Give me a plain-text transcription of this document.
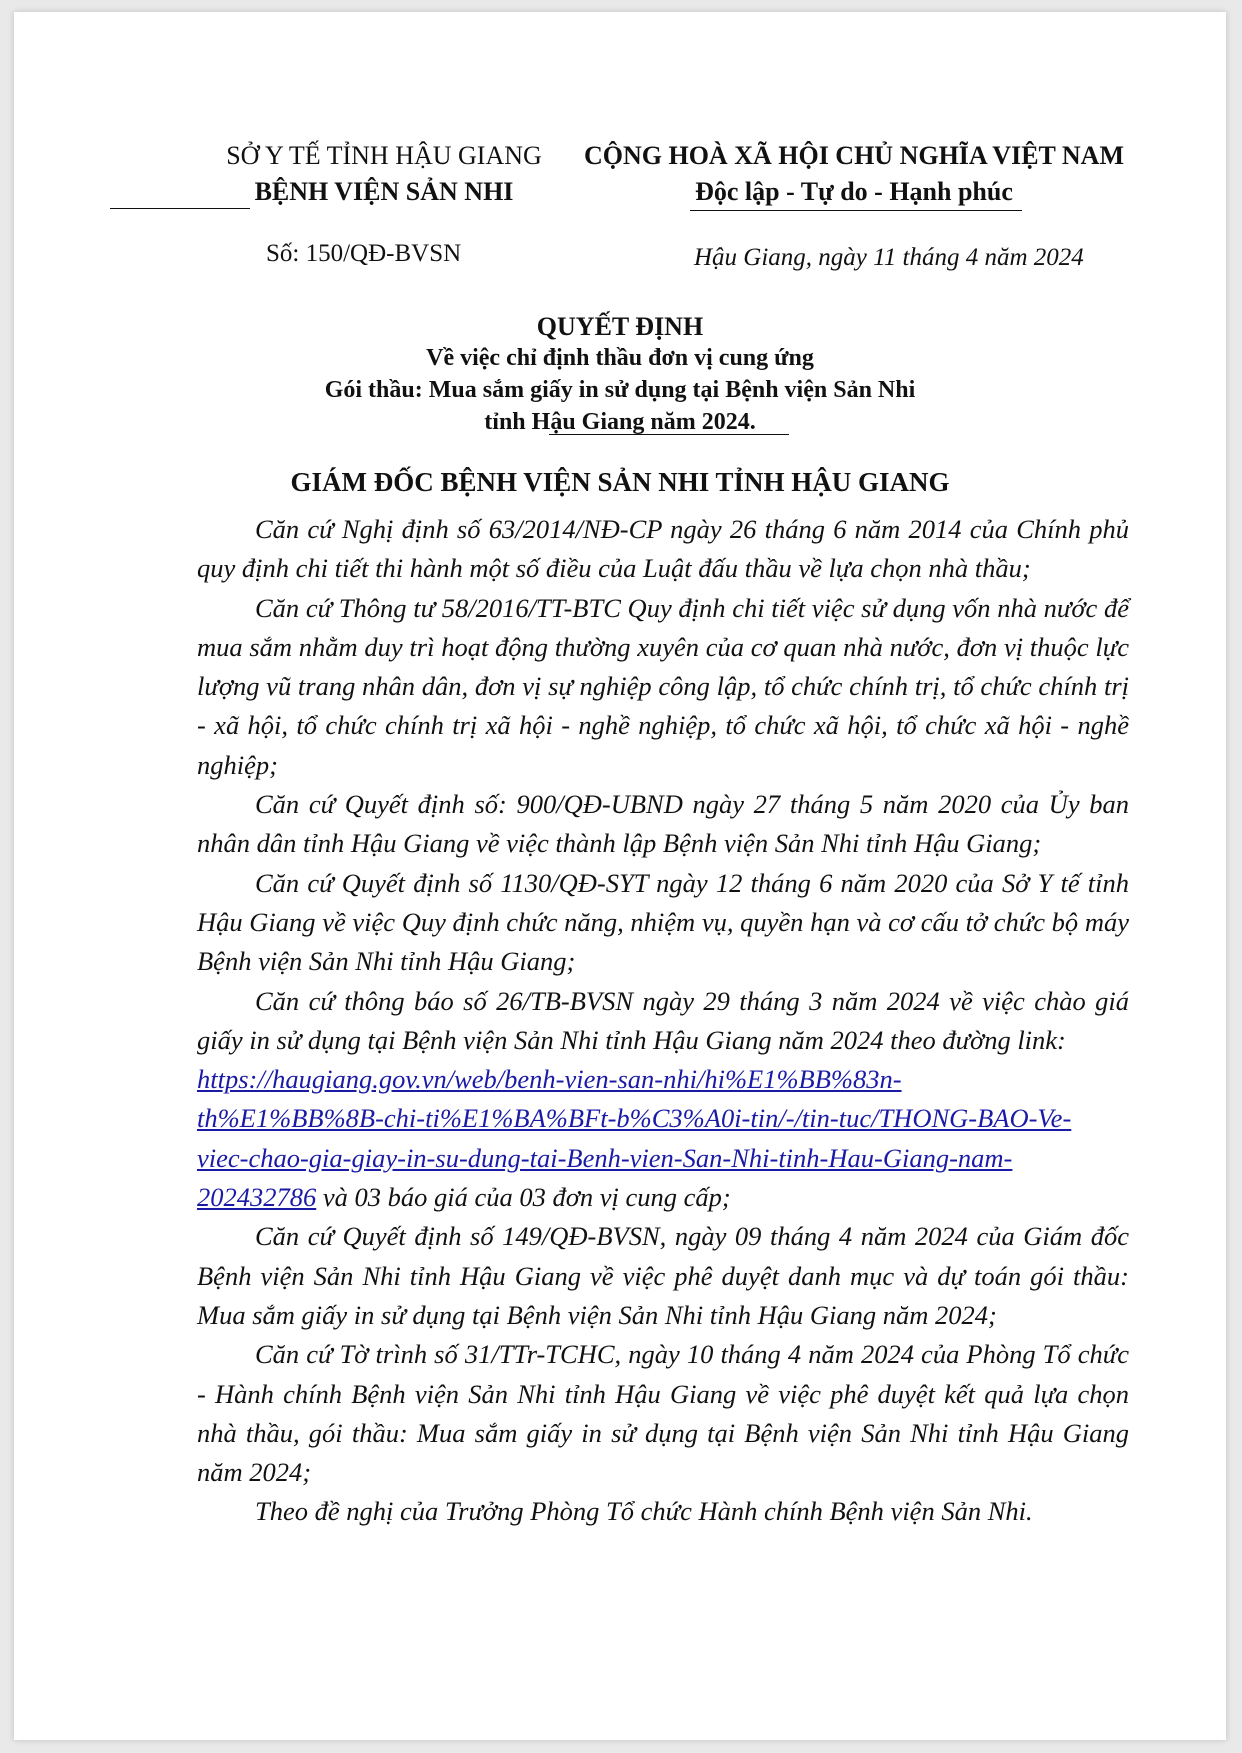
SỞ Y TẾ TỈNH HẬU GIANG
BỆNH VIỆN SẢN NHI
CỘNG HOÀ XÃ HỘI CHỦ NGHĨA VIỆT NAM
Độc lập - Tự do - Hạnh phúc
Số: 150/QĐ-BVSN	Hậu Giang, ngày 11 tháng 4 năm 2024
QUYẾT ĐỊNH
Về việc chỉ định thầu đơn vị cung ứng
Gói thầu: Mua sắm giấy in sử dụng tại Bệnh viện Sản Nhi
tỉnh Hậu Giang năm 2024.
GIÁM ĐỐC BỆNH VIỆN SẢN NHI TỈNH HẬU GIANG

Căn cứ Nghị định số 63/2014/NĐ-CP ngày 26 tháng 6 năm 2014 của Chính phủ quy định chi tiết thi hành một số điều của Luật đấu thầu về lựa chọn nhà thầu;

Căn cứ Thông tư 58/2016/TT-BTC Quy định chi tiết việc sử dụng vốn nhà nước để mua sắm nhằm duy trì hoạt động thường xuyên của cơ quan nhà nước, đơn vị thuộc lực lượng vũ trang nhân dân, đơn vị sự nghiệp công lập, tổ chức chính trị, tổ chức chính trị - xã hội, tổ chức chính trị xã hội - nghề nghiệp, tổ chức xã hội, tổ chức xã hội - nghề nghiệp;

Căn cứ Quyết định số: 900/QĐ-UBND ngày 27 tháng 5 năm 2020 của Ủy ban nhân dân tỉnh Hậu Giang về việc thành lập Bệnh viện Sản Nhi tỉnh Hậu Giang;

Căn cứ Quyết định số 1130/QĐ-SYT ngày 12 tháng 6 năm 2020 của Sở Y tế tỉnh Hậu Giang về việc Quy định chức năng, nhiệm vụ, quyền hạn và cơ cấu tở chức bộ máy Bệnh viện Sản Nhi tỉnh Hậu Giang;

Căn cứ thông báo số 26/TB-BVSN ngày 29 tháng 3 năm 2024 về việc chào giá giấy in sử dụng tại Bệnh viện Sản Nhi tỉnh Hậu Giang năm 2024 theo đường link:

https://haugiang.gov.vn/web/benh-vien-san-nhi/hi%E1%BB%83n-
th%E1%BB%8B-chi-ti%E1%BA%BFt-b%C3%A0i-tin/-/tin-tuc/THONG-BAO-Ve-
viec-chao-gia-giay-in-su-dung-tai-Benh-vien-San-Nhi-tinh-Hau-Giang-nam-
202432786 và 03 báo giá của 03 đơn vị cung cấp;

Căn cứ Quyết định số 149/QĐ-BVSN, ngày 09 tháng 4 năm 2024 của Giám đốc Bệnh viện Sản Nhi tỉnh Hậu Giang về việc phê duyệt danh mục và dự toán gói thầu: Mua sắm giấy in sử dụng tại Bệnh viện Sản Nhi tỉnh Hậu Giang năm 2024;

Căn cứ Tờ trình số 31/TTr-TCHC, ngày 10 tháng 4 năm 2024 của Phòng Tổ chức - Hành chính Bệnh viện Sản Nhi tỉnh Hậu Giang về việc phê duyệt kết quả lựa chọn nhà thầu, gói thầu: Mua sắm giấy in sử dụng tại Bệnh viện Sản Nhi tỉnh Hậu Giang năm 2024;

Theo đề nghị của Trưởng Phòng Tổ chức Hành chính Bệnh viện Sản Nhi.
